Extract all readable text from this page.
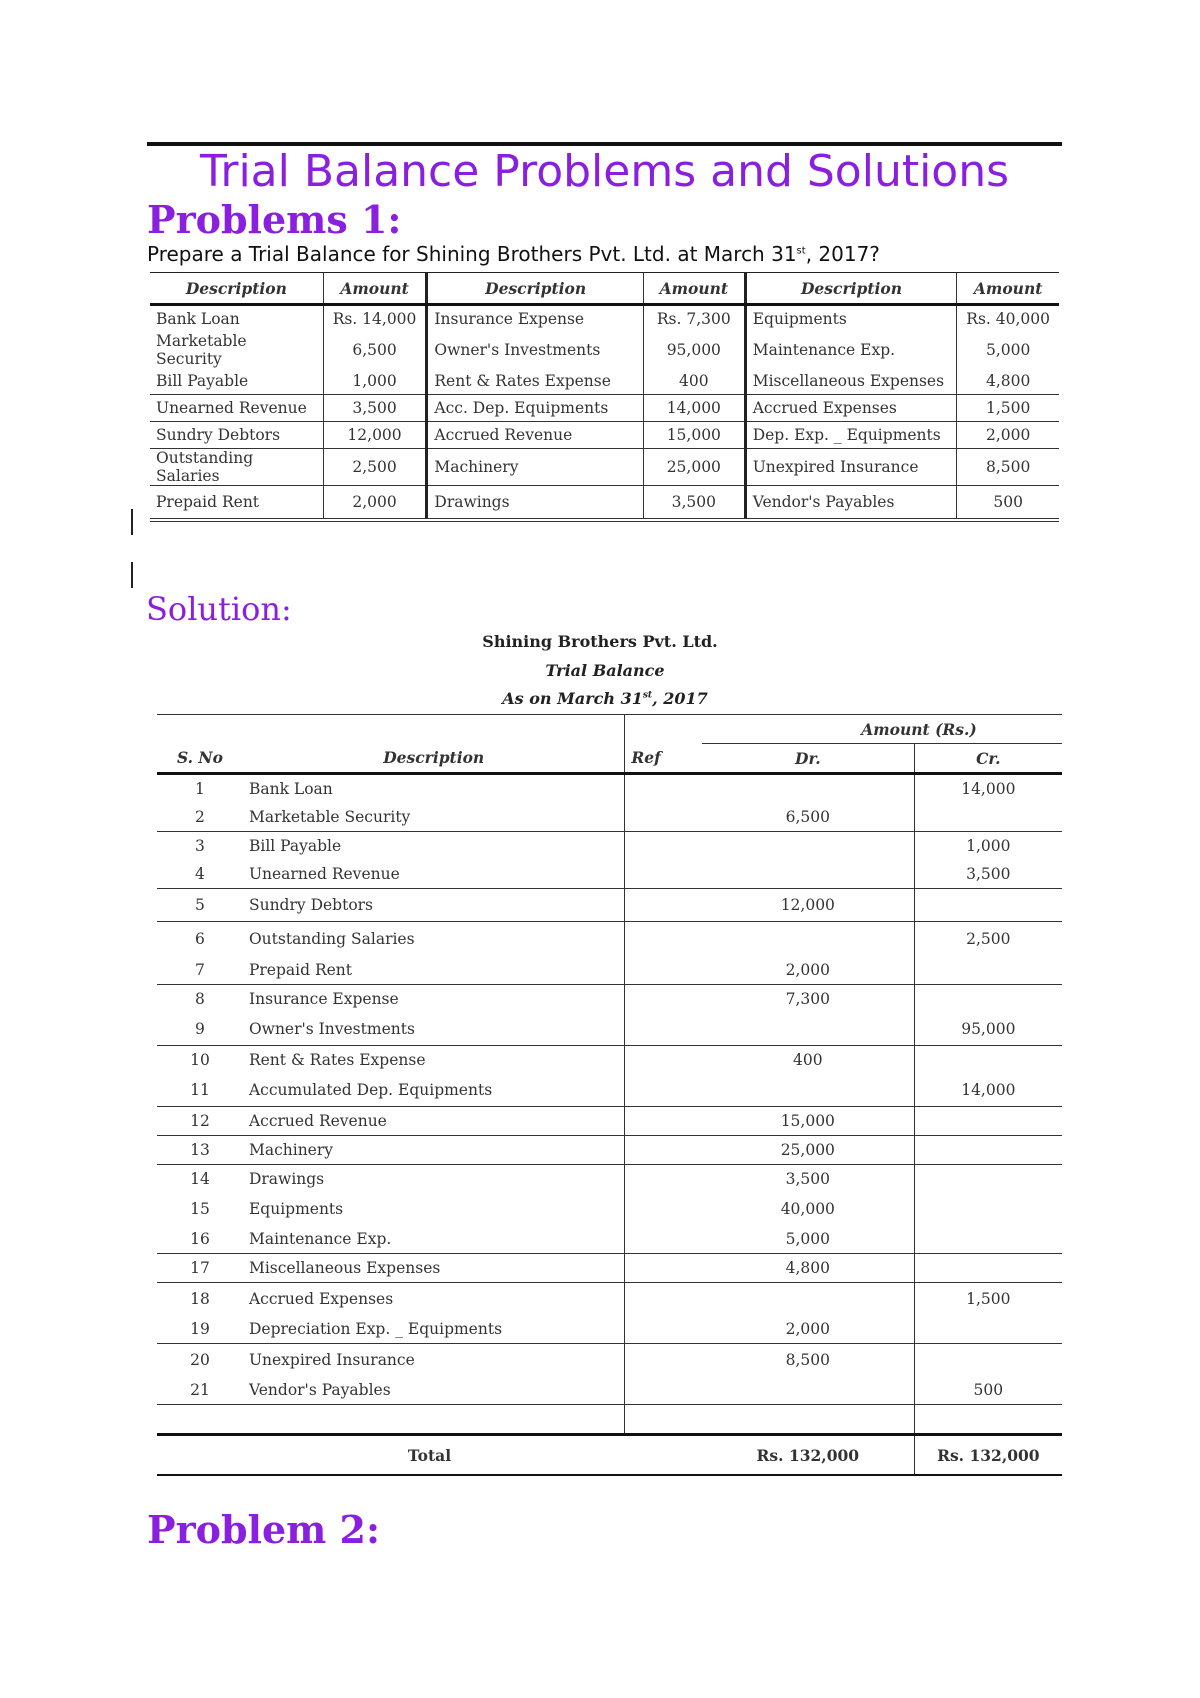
Trial Balance Problems and Solutions
Problems 1:
Prepare a Trial Balance for Shining Brothers Pvt. Ltd. at March 31st, 2017?
Description	Amount	Description	Amount	Description	Amount
Bank Loan	Rs. 14,000	Insurance Expense	Rs. 7,300	Equipments	Rs. 40,000
Marketable Security	6,500	Owner's Investments	95,000	Maintenance Exp.	5,000
Bill Payable	1,000	Rent & Rates Expense	400	Miscellaneous Expenses	4,800
Unearned Revenue	3,500	Acc. Dep. Equipments	14,000	Accrued Expenses	1,500
Sundry Debtors	12,000	Accrued Revenue	15,000	Dep. Exp. _ Equipments	2,000
Outstanding Salaries	2,500	Machinery	25,000	Unexpired Insurance	8,500
Prepaid Rent	2,000	Drawings	3,500	Vendor's Payables	500
Solution:
Shining Brothers Pvt. Ltd.
Trial Balance
As on March 31st, 2017
			Amount (Rs.)	
S. No	Description	Ref	Dr.	Cr.
1	Bank Loan			14,000
2	Marketable Security		6,500	
3	Bill Payable			1,000
4	Unearned Revenue			3,500
5	Sundry Debtors		12,000	
6	Outstanding Salaries			2,500
7	Prepaid Rent		2,000	
8	Insurance Expense		7,300	
9	Owner's Investments			95,000
10	Rent & Rates Expense		400	
11	Accumulated Dep. Equipments			14,000
12	Accrued Revenue		15,000	
13	Machinery		25,000	
14	Drawings		3,500	
15	Equipments		40,000	
16	Maintenance Exp.		5,000	
17	Miscellaneous Expenses		4,800	
18	Accrued Expenses			1,500
19	Depreciation Exp. _ Equipments		2,000	
20	Unexpired Insurance		8,500	
21	Vendor's Payables			500

Total			Rs. 132,000	Rs. 132,000
Problem 2:
